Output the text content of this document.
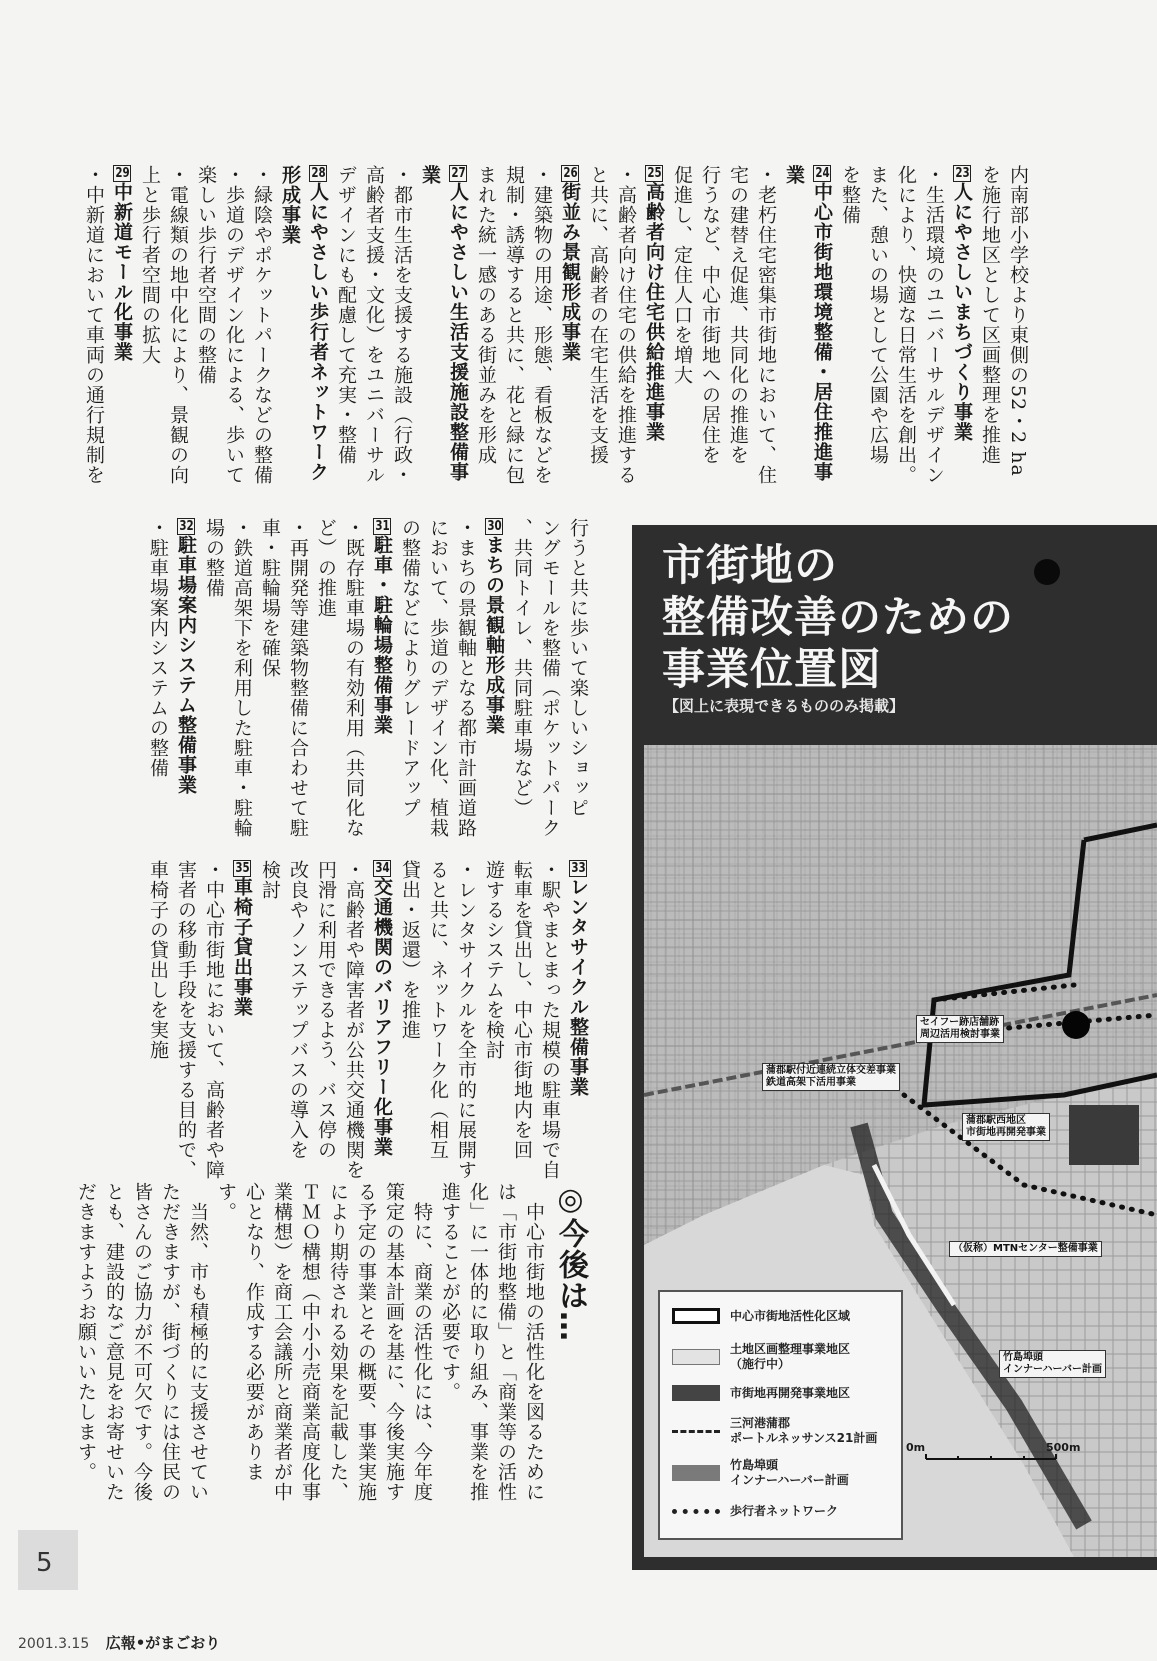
内南部小学校より東側の52・2 ha
を施行地区として区画整理を推進
23人にやさしいまちづくり事業
・生活環境のユニバーサルデザイン
化により、快適な日常生活を創出。
また、憩いの場として公園や広場
を整備
24中心市街地環境整備・居住推進事業
・老朽住宅密集市街地において、住
宅の建替え促進、共同化の推進を
行うなど、中心市街地への居住を
促進し、定住人口を増大
25高齢者向け住宅供給推進事業
・高齢者向け住宅の供給を推進する
と共に、高齢者の在宅生活を支援
26街並み景観形成事業
・建築物の用途、形態、看板などを
規制・誘導すると共に、花と緑に包
まれた統一感のある街並みを形成
27人にやさしい生活支援施設整備事業
・都市生活を支援する施設（行政・
高齢者支援・文化）をユニバーサル
デザインにも配慮して充実・整備
28人にやさしい歩行者ネットワーク
形成事業
・緑陰やポケットパークなどの整備
・歩道のデザイン化による、歩いて
楽しい歩行者空間の整備
・電線類の地中化により、景観の向
上と歩行者空間の拡大
29中新道モール化事業
・中新道において車両の通行規制を
行うと共に歩いて楽しいショッピ
ングモールを整備（ポケットパーク
、共同トイレ、共同駐車場など）
30まちの景観軸形成事業
・まちの景観軸となる都市計画道路
において、歩道のデザイン化、植栽
の整備などによりグレードアップ
31駐車・駐輪場整備事業
・既存駐車場の有効利用（共同化な
ど）の推進
・再開発等建築物整備に合わせて駐
車・駐輪場を確保
・鉄道高架下を利用した駐車・駐輪
場の整備
32駐車場案内システム整備事業
・駐車場案内システムの整備
33レンタサイクル整備事業
・駅やまとまった規模の駐車場で自
転車を貸出し、中心市街地内を回
遊するシステムを検討
・レンタサイクルを全市的に展開す
ると共に、ネットワーク化（相互
貸出・返還）を推進
34交通機関のバリアフリー化事業
・高齢者や障害者が公共交通機関を
円滑に利用できるよう、バス停の
改良やノンステップバスの導入を
検討
35車椅子貸出事業
・中心市街地において、高齢者や障
害者の移動手段を支援する目的で、
車椅子の貸出しを実施
◎今後は…
　中心市街地の活性化を図るために
は「市街地整備」と「商業等の活性
化」に一体的に取り組み、事業を推
進することが必要です。
　特に、商業の活性化には、今年度
策定の基本計画を基に、今後実施す
る予定の事業とその概要、事業実施
により期待される効果を記載した、
ＴＭＯ構想（中小小売商業高度化事
業構想）を商工会議所と商業者が中
心となり、作成する必要があります。
　当然、市も積極的に支援させてい
ただきますが、街づくりには住民の
皆さんのご協力が不可欠です。今後
とも、建設的なご意見をお寄せいた
だきますようお願いいたします。
市街地の
整備改善のための
事業位置図
【図上に表現できるもののみ掲載】
セイフー跡店舗跡
周辺活用検討事業
蒲郡駅付近連続立体交差事業
鉄道高架下活用事業
蒲郡駅西地区
市街地再開発事業
（仮称）MTNセンター整備事業
竹島埠頭
インナーハーバー計画
中心市街地活性化区域
土地区画整理事業地区
（施行中）
市街地再開発事業地区
三河港蒲郡
ポートルネッサンス21計画
竹島埠頭
インナーハーバー計画
歩行者ネットワーク
0m	500m
5
2001.3.15 広報•がまごおり
